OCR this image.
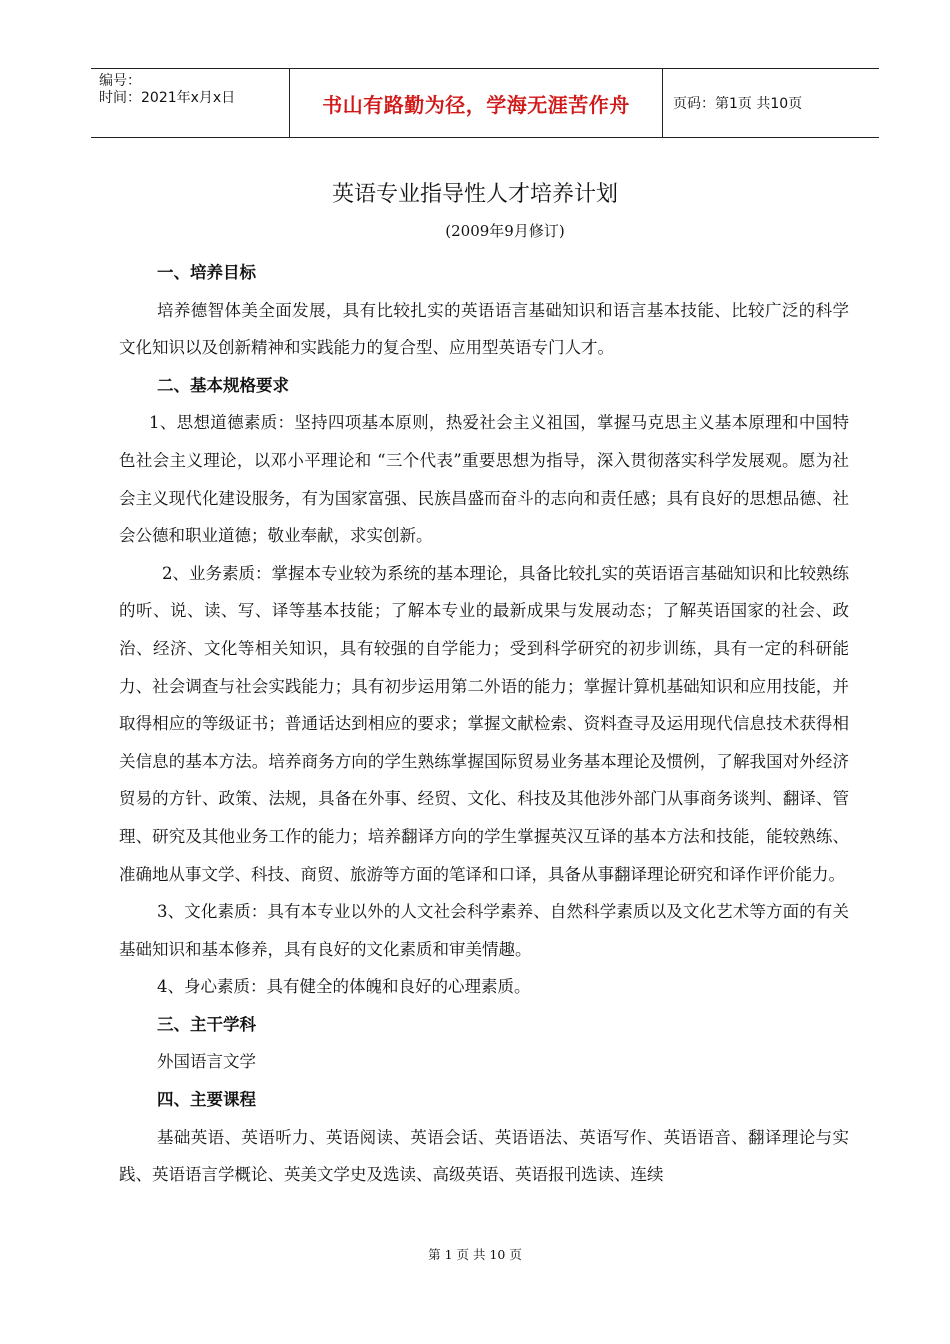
编号：
时间：2021年x月x日	书山有路勤为径，学海无涯苦作舟	页码：第1页 共10页
英语专业指导性人才培养计划
(2009年9月修订)

一、培养目标

培养德智体美全面发展，具有比较扎实的英语语言基础知识和语言基本技能、比较广泛的科学文化知识以及创新精神和实践能力的复合型、应用型英语专门人才。

二、基本规格要求

1、思想道德素质：坚持四项基本原则，热爱社会主义祖国，掌握马克思主义基本原理和中国特色社会主义理论，以邓小平理论和 “三个代表”重要思想为指导，深入贯彻落实科学发展观。愿为社会主义现代化建设服务，有为国家富强、民族昌盛而奋斗的志向和责任感；具有良好的思想品德、社会公德和职业道德；敬业奉献，求实创新。

2、业务素质：掌握本专业较为系统的基本理论，具备比较扎实的英语语言基础知识和比较熟练的听、说、读、写、译等基本技能；了解本专业的最新成果与发展动态；了解英语国家的社会、政治、经济、文化等相关知识，具有较强的自学能力；受到科学研究的初步训练，具有一定的科研能力、社会调查与社会实践能力；具有初步运用第二外语的能力；掌握计算机基础知识和应用技能，并取得相应的等级证书；普通话达到相应的要求；掌握文献检索、资料查寻及运用现代信息技术获得相关信息的基本方法。培养商务方向的学生熟练掌握国际贸易业务基本理论及惯例，了解我国对外经济贸易的方针、政策、法规，具备在外事、经贸、文化、科技及其他涉外部门从事商务谈判、翻译、管理、研究及其他业务工作的能力；培养翻译方向的学生掌握英汉互译的基本方法和技能，能较熟练、准确地从事文学、科技、商贸、旅游等方面的笔译和口译，具备从事翻译理论研究和译作评价能力。

3、文化素质：具有本专业以外的人文社会科学素养、自然科学素质以及文化艺术等方面的有关基础知识和基本修养，具有良好的文化素质和审美情趣。

4、身心素质：具有健全的体魄和良好的心理素质。

三、主干学科

外国语言文学

四、主要课程

基础英语、英语听力、英语阅读、英语会话、英语语法、英语写作、英语语音、翻译理论与实践、英语语言学概论、英美文学史及选读、高级英语、英语报刊选读、连续

第 1 页 共 10 页
